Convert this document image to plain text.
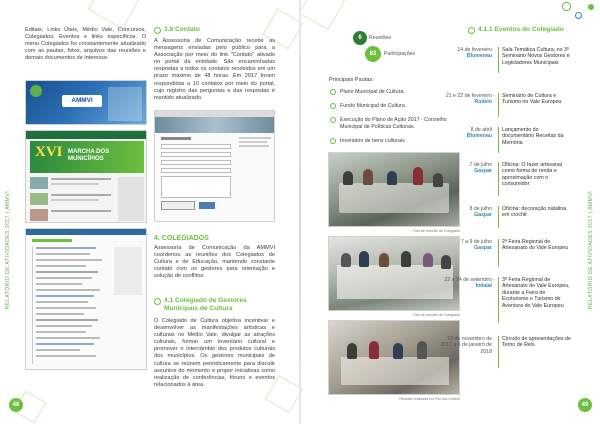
RELATÓRIO DE ATIVIDADES 2017 | AMMVI
48
Editais, Links Úteis, Médio Vale, Concursos, Colegiados, Eventos e links específicos. O menu Colegiados foi constantemente atualizado com as pautas, fotos, arquivos das reuniões e demais documentos de interesse.
AMMVI
XVI MARCHA DOS MUNICÍPIOS
3.8 Contato
A Assessoria de Comunicação recebe as mensagens enviadas pelo público para a Associação por meio do link "Contato" ativado no portal da entidade. São encaminhadas respostas a todos os contatos recebidos em um prazo máximo de 48 horas. Em 2017 foram respondidas a 10 contatos por meio do portal, cujo registro das perguntas e das respostas é mantido atualizado.
4. COLEGIADOS
Assessoria de Comunicação da AMMVI coordenou as reuniões dos Colegiados de Cultura e de Educação, mantendo constante contato com os gestores para orientação e solução de conflitos.
4.1 Colegiado de Gestores Municipais de Cultura
O Colegiado de Cultura objetiva incentivar e desenvolver as manifestações artísticas e culturais no Médio Vale, divulgar as atrações culturais, formar um inventário cultural e promover o intercâmbio dos produtos culturais dos municípios. Os gestores municipais de cultura se reúnem periodicamente para discutir assuntos do momento e propor iniciativas como realização de conferências, fóruns e eventos relacionados à área.
RELATÓRIO DE ATIVIDADES 2017 | AMMVI
49
6	Reuniões
83	Participações
Principais Pautas:
Plano Municipal de Cultura.
Fundo Municipal de Cultura.
Execução do Plano de Ação 2017 - Conselho Municipal de Políticas Culturais.
Inventário de bens culturais.
Foto de reunião do Colegiado
Foto de reunião de Colegiado
Reunião realizada em Rio dos Cedros
4.1.1 Eventos do Colegiado
14 de fevereiro
Blumenau
Sala Temática Cultura, no 3º Seminário Novos Gestores e Legisladores Municipais
21 e 22 de fevereiro
Rodeio
Seminário de Cultura e Turismo no Vale Europeu
8 de abril
Blumenau
Lançamento do documentário Receitas da Memória
7 de julho
Gaspar
Oficina: O fazer artesanal como forma de renda e aproximação com o consumidor
8 de julho
Gaspar
Oficina: decoração natalina em crochê
7 a 9 de julho
Gaspar
2ª Feira Regional de Artesanato do Vale Europeu
22 a 24 de setembro
Indaial
3ª Feira Regional de Artesanato do Vale Europeu, durante a Feira de Ecoturismo e Turismo de Aventura do Vale Europeu
18 de novembro de 2017 a 6 de janeiro de 2018

Circuito de apresentações de Terno de Reis
